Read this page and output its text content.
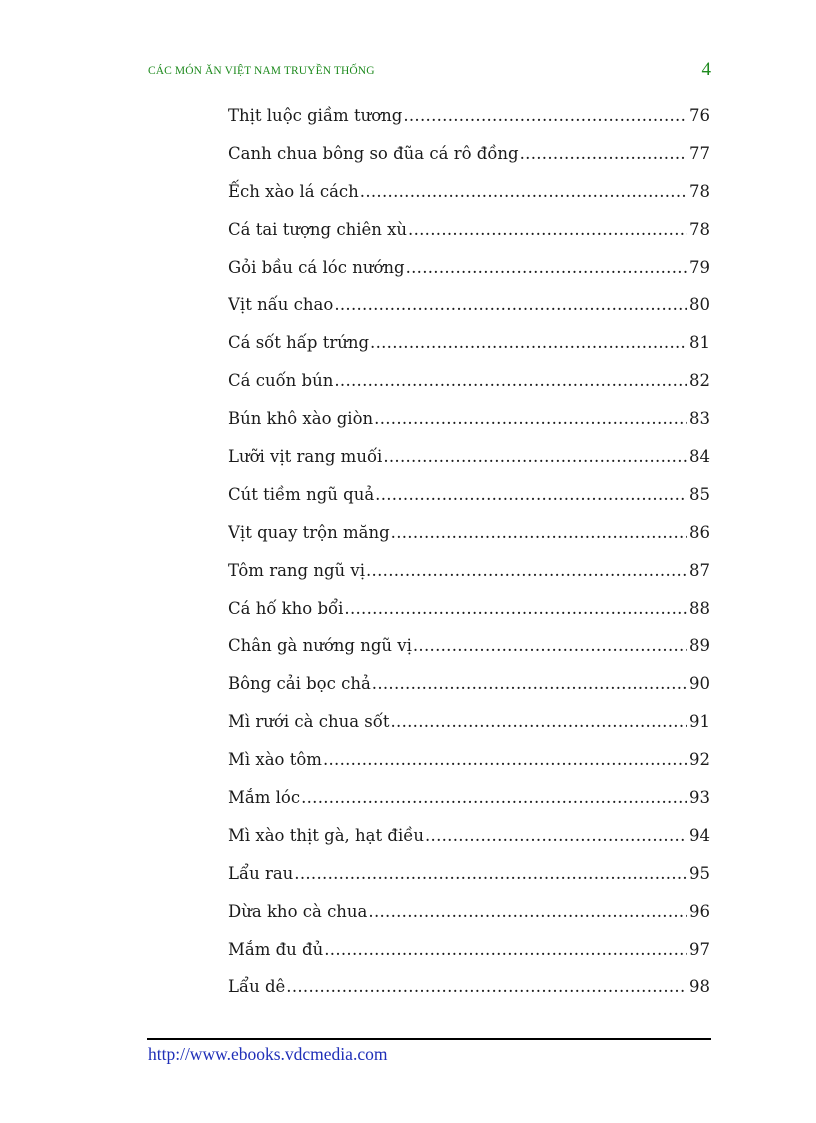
CÁC MÓN ĂN VIỆT NAM TRUYỀN THỐNG	4
Thịt luộc giầm tương .....	76
Canh chua bông so đũa cá rô đồng .....	77
Ếch xào lá cách .....	78
Cá tai tượng chiên xù .....	78
Gỏi bầu cá lóc nướng .....	79
Vịt nấu chao .....	80
Cá sốt hấp trứng .....	81
Cá cuốn bún .....	82
Bún khô xào giòn .....	83
Lưỡi vịt rang muối .....	84
Cút tiềm ngũ quả .....	85
Vịt quay trộn măng .....	86
Tôm rang ngũ vị .....	87
Cá hố kho bổi .....	88
Chân gà nướng ngũ vị .....	89
Bông cải bọc chả .....	90
Mì rưới cà chua sốt .....	91
Mì xào tôm .....	92
Mắm lóc .....	93
Mì xào thịt gà, hạt điều .....	94
Lẩu rau .....	95
Dừa kho cà chua .....	96
Mắm đu đủ .....	97
Lẩu dê .....	98
http://www.ebooks.vdcmedia.com
